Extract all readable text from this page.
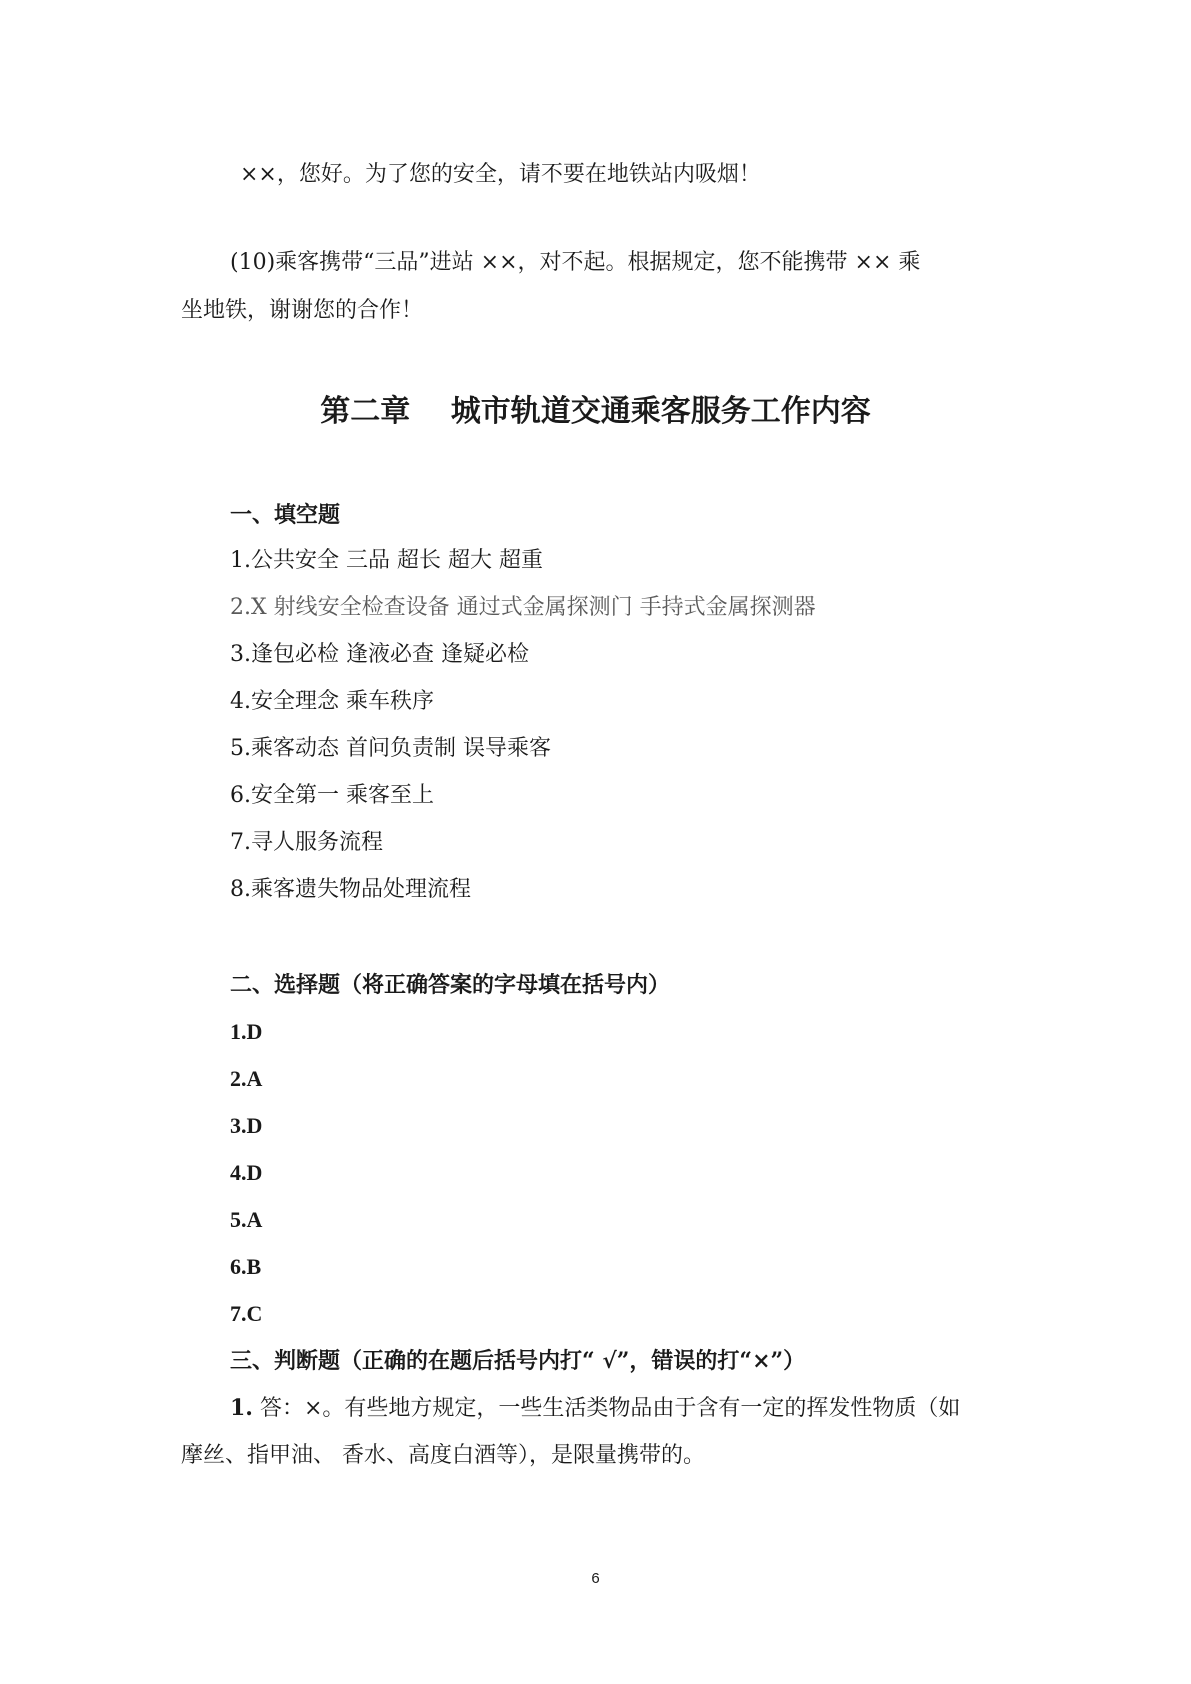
××，您好。为了您的安全，请不要在地铁站内吸烟！
(10)乘客携带“三品”进站 ××，对不起。根据规定，您不能携带 ×× 乘
坐地铁，谢谢您的合作！
第二章　 城市轨道交通乘客服务工作内容
一、填空题
1.公共安全 三品 超长 超大 超重
2.X 射线安全检查设备 通过式金属探测门 手持式金属探测器
3.逢包必检 逢液必查 逢疑必检
4.安全理念 乘车秩序
5.乘客动态 首问负责制 误导乘客
6.安全第一 乘客至上
7.寻人服务流程
8.乘客遗失物品处理流程
二、选择题（将正确答案的字母填在括号内）
1.D
2.A
3.D
4.D
5.A
6.B
7.C
三、判断题（正确的在题后括号内打“ √”，错误的打“×”）
1. 答：×。有些地方规定，一些生活类物品由于含有一定的挥发性物质（如
摩丝、指甲油、 香水、高度白酒等），是限量携带的。
6
